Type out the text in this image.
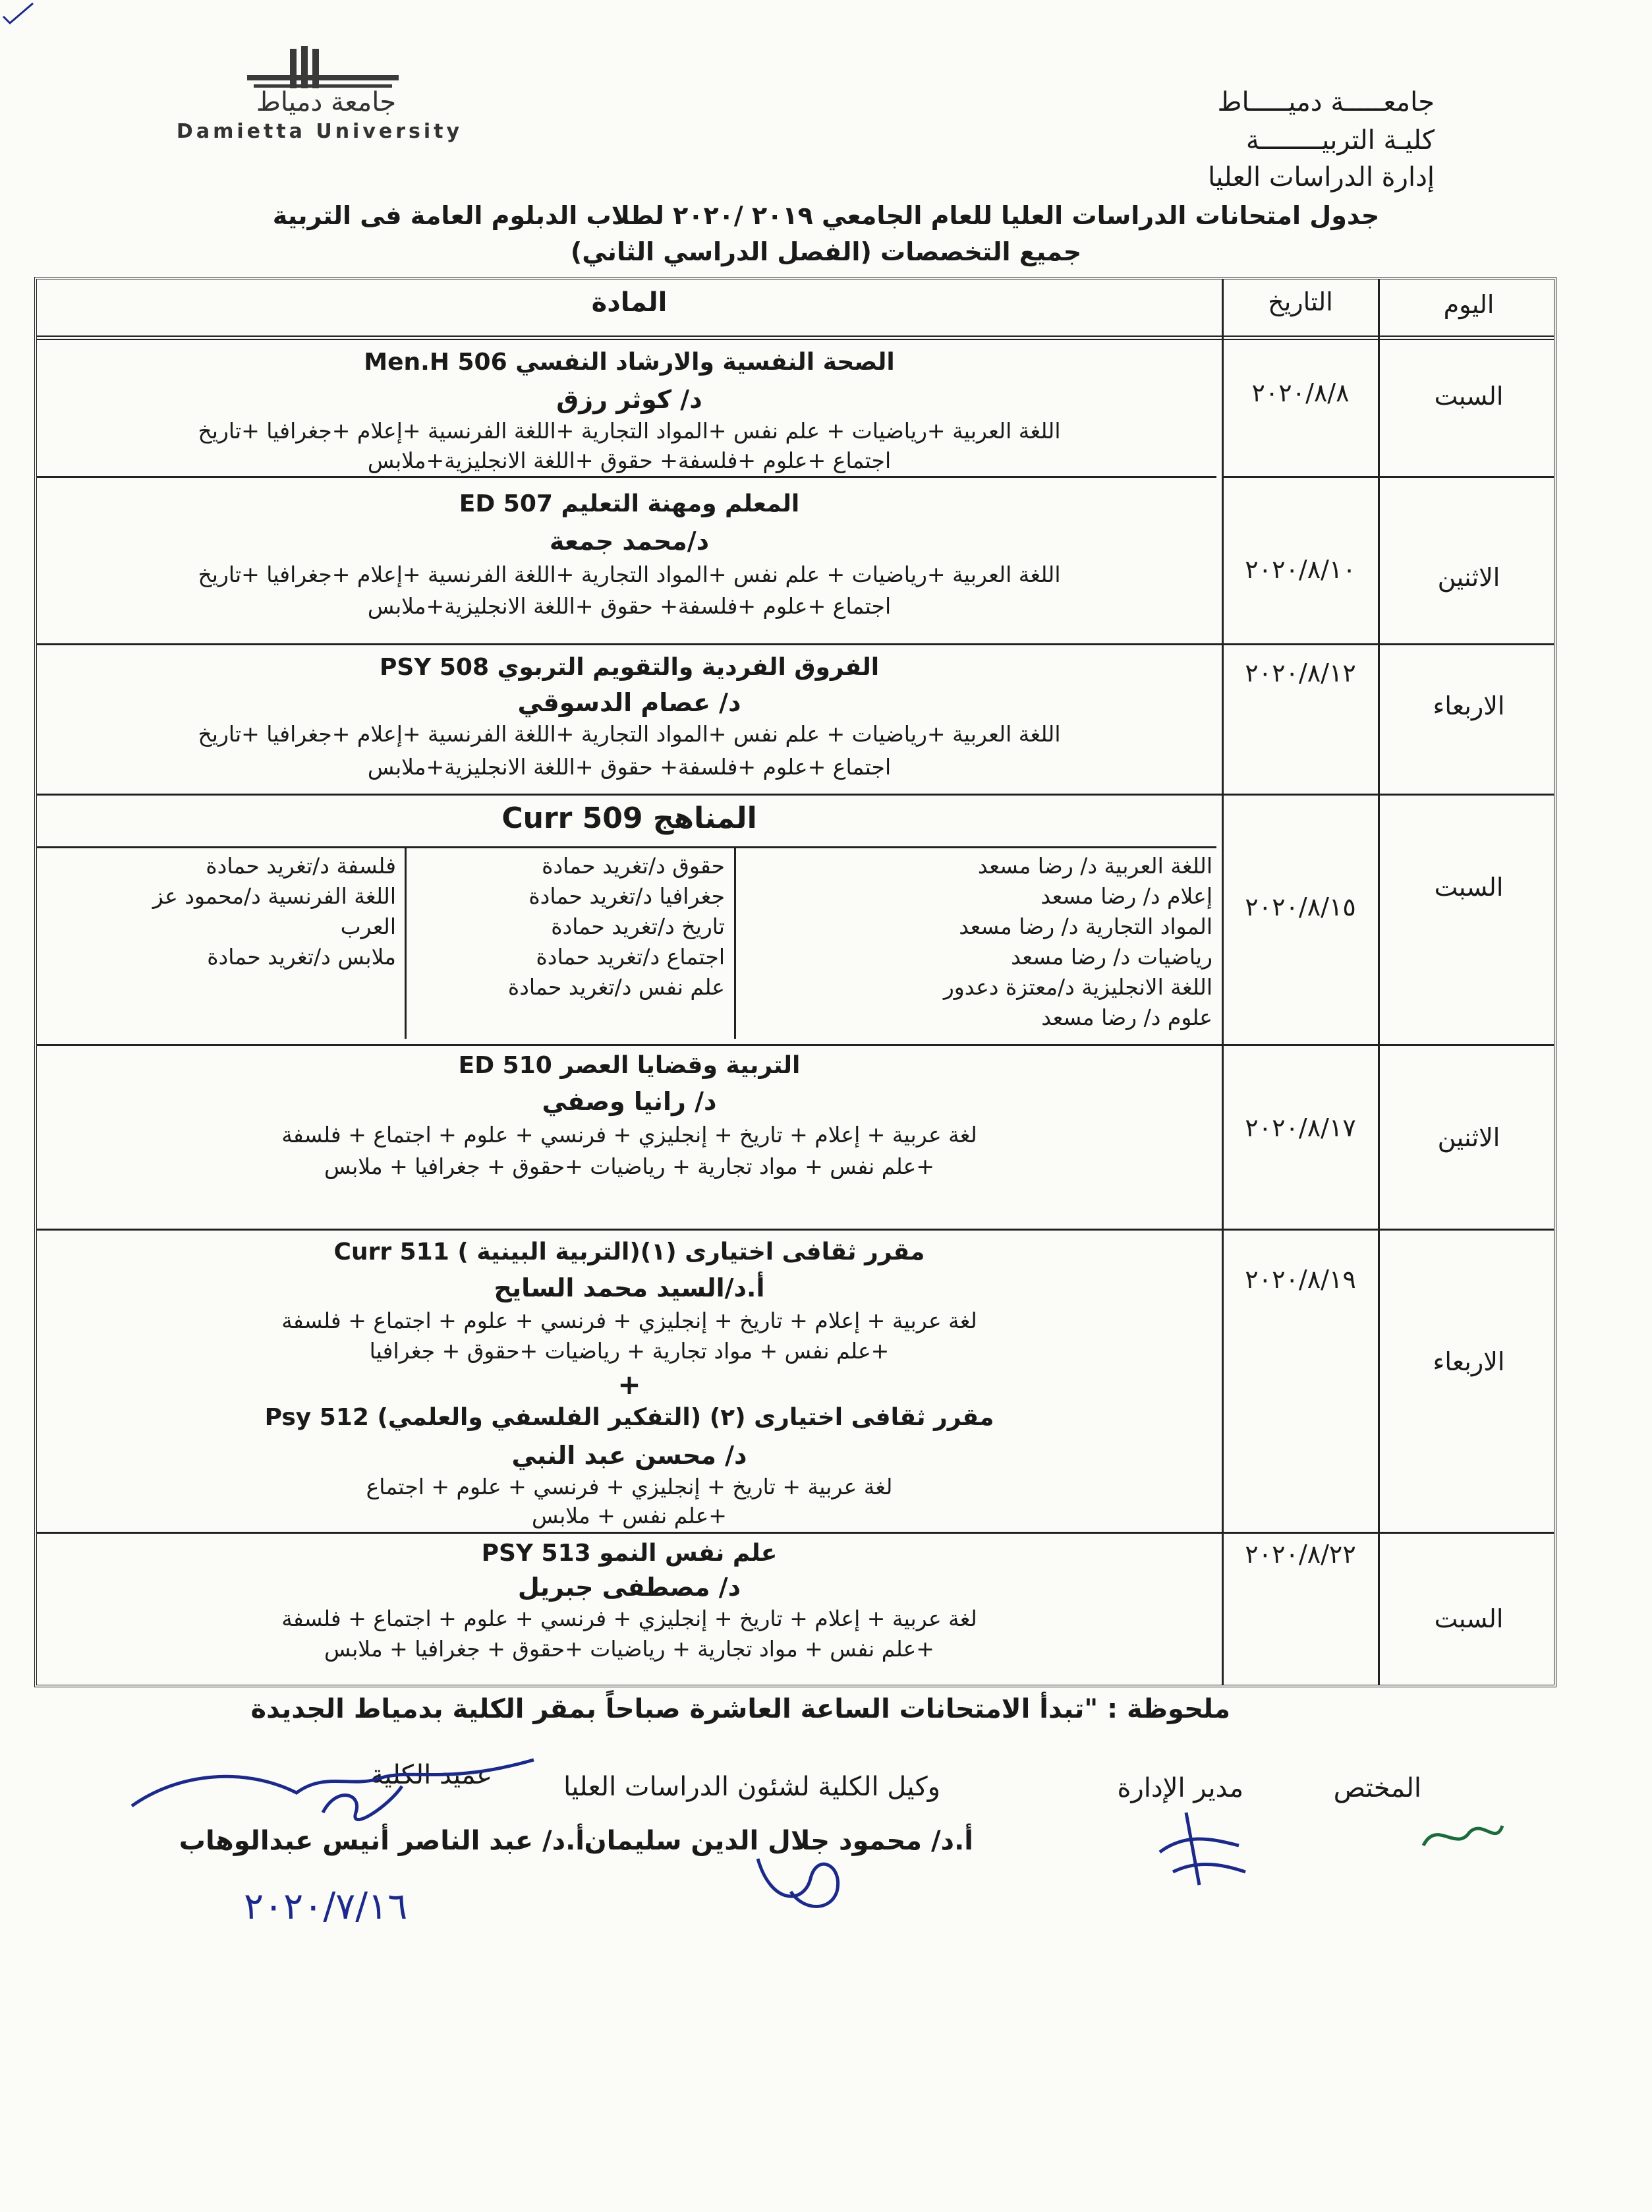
جامعة دمياط
Damietta University
جامعـــــة دميـــــاط
كليـة التربيــــــــة
إدارة الدراسات العليا
جدول امتحانات الدراسات العليا للعام الجامعي ٢٠١٩ /٢٠٢٠ لطلاب الدبلوم العامة فى التربية
جميع التخصصات (الفصل الدراسي الثاني)
اليوم
التاريخ
المادة
السبت
٢٠٢٠/٨/٨
الصحة النفسية والارشاد النفسي Men.H 506
د/ كوثر رزق
اللغة العربية +رياضيات + علم نفس +المواد التجارية +اللغة الفرنسية +إعلام +جغرافيا +تاريخ
اجتماع +علوم +فلسفة+ حقوق +اللغة الانجليزية+ملابس
الاثنين
٢٠٢٠/٨/١٠
المعلم ومهنة التعليم ED 507
د/محمد جمعة
اللغة العربية +رياضيات + علم نفس +المواد التجارية +اللغة الفرنسية +إعلام +جغرافيا +تاريخ
اجتماع +علوم +فلسفة+ حقوق +اللغة الانجليزية+ملابس
الاربعاء
٢٠٢٠/٨/١٢
الفروق الفردية والتقويم التربوي PSY 508
د/ عصام الدسوقي
اللغة العربية +رياضيات + علم نفس +المواد التجارية +اللغة الفرنسية +إعلام +جغرافيا +تاريخ
اجتماع +علوم +فلسفة+ حقوق +اللغة الانجليزية+ملابس
السبت
٢٠٢٠/٨/١٥
المناهج Curr 509
اللغة العربية د/ رضا مسعد
إعلام د/ رضا مسعد
المواد التجارية د/ رضا مسعد
رياضيات د/ رضا مسعد
اللغة الانجليزية د/معتزة دعدور
علوم د/ رضا مسعد
حقوق د/تغريد حمادة
جغرافيا د/تغريد حمادة
تاريخ د/تغريد حمادة
اجتماع د/تغريد حمادة
علم نفس د/تغريد حمادة
فلسفة د/تغريد حمادة
اللغة الفرنسية د/محمود عز
العرب
ملابس د/تغريد حمادة
الاثنين
٢٠٢٠/٨/١٧
التربية وقضايا العصر ED 510
د/ رانيا وصفي
لغة عربية + إعلام + تاريخ + إنجليزي + فرنسي + علوم + اجتماع + فلسفة
+علم نفس + مواد تجارية + رياضيات +حقوق + جغرافيا + ملابس
الاربعاء
٢٠٢٠/٨/١٩
مقرر ثقافى اختيارى (١)(التربية البينية ) Curr 511
أ.د/السيد محمد السايح
لغة عربية + إعلام + تاريخ + إنجليزي + فرنسي + علوم + اجتماع + فلسفة
+علم نفس + مواد تجارية + رياضيات +حقوق + جغرافيا
+
مقرر ثقافى اختيارى (٢) (التفكير الفلسفي والعلمي) Psy 512
د/ محسن عبد النبي
لغة عربية + تاريخ + إنجليزي + فرنسي + علوم + اجتماع
+علم نفس + ملابس
السبت
٢٠٢٠/٨/٢٢
علم نفس النمو PSY 513
د/ مصطفى جبريل
لغة عربية + إعلام + تاريخ + إنجليزي + فرنسي + علوم + اجتماع + فلسفة
+علم نفس + مواد تجارية + رياضيات +حقوق + جغرافيا + ملابس
ملحوظة : "تبدأ الامتحانات الساعة العاشرة صباحاً بمقر الكلية بدمياط الجديدة
المختص
مدير الإدارة
وكيل الكلية لشئون الدراسات العليا
أ.د/ محمود جلال الدين سليمان
عميد الكلية
أ.د/ عبد الناصر أنيس عبدالوهاب
٢٠٢٠/٧/١٦
